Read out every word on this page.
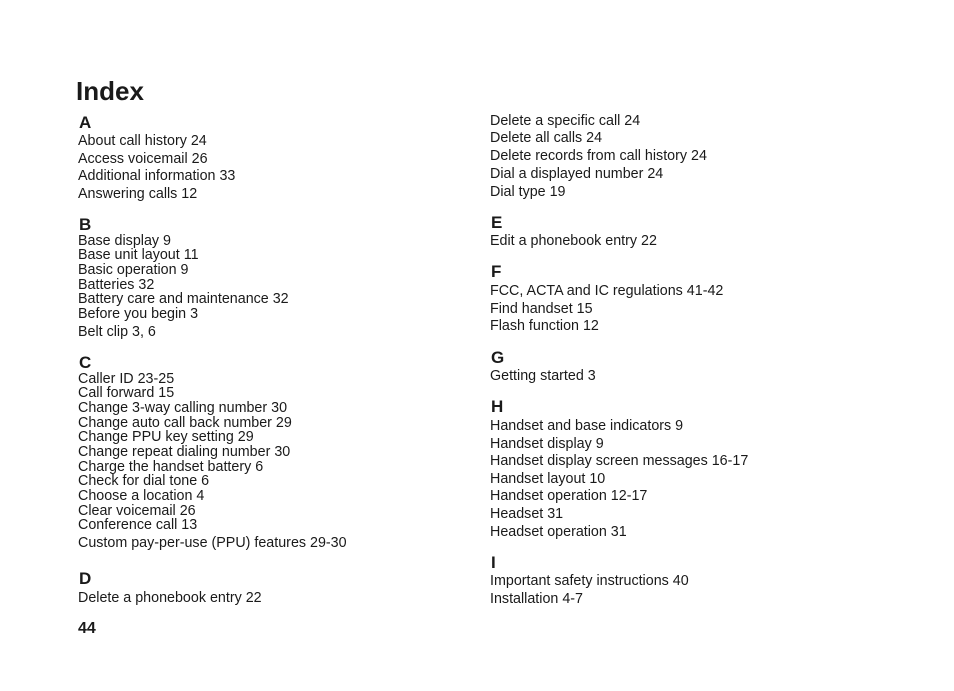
Index
A
About call history 24
Access voicemail 26
Additional information 33
Answering calls 12
B
Base display 9
Base unit layout 11
Basic operation 9
Batteries 32
Battery care and maintenance 32
Before you begin 3
Belt clip 3, 6
C
Caller ID 23-25
Call forward 15
Change 3-way calling number 30
Change auto call back number 29
Change PPU key setting 29
Change repeat dialing number 30
Charge the handset battery 6
Check for dial tone 6
Choose a location 4
Clear voicemail 26
Conference call 13
Custom pay-per-use (PPU) features 29-30
D
Delete a phonebook entry 22
44
Delete a specific call 24
Delete all calls 24
Delete records from call history 24
Dial a displayed number 24
Dial type 19
E
Edit a phonebook entry 22
F
FCC, ACTA and IC regulations 41-42
Find handset 15
Flash function 12
G
Getting started 3
H
Handset and base indicators 9
Handset display 9
Handset display screen messages 16-17
Handset layout 10
Handset operation 12-17
Headset 31
Headset operation 31
I
Important safety instructions 40
Installation 4-7
